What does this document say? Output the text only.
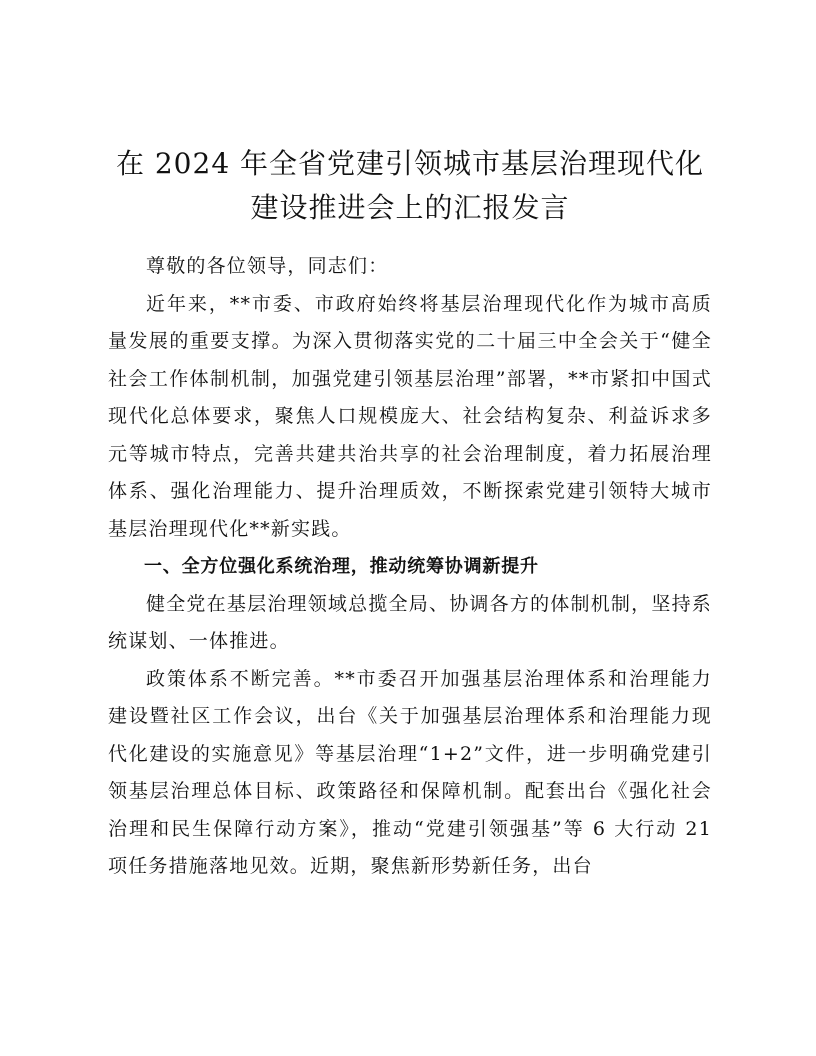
在 2024 年全省党建引领城市基层治理现代化
建设推进会上的汇报发言

尊敬的各位领导，同志们：

近年来，**市委、市政府始终将基层治理现代化作为城市高质量发展的重要支撑。为深入贯彻落实党的二十届三中全会关于“健全社会工作体制机制，加强党建引领基层治理”部署，**市紧扣中国式现代化总体要求，聚焦人口规模庞大、社会结构复杂、利益诉求多元等城市特点，完善共建共治共享的社会治理制度，着力拓展治理体系、强化治理能力、提升治理质效，不断探索党建引领特大城市基层治理现代化**新实践。

一、全方位强化系统治理，推动统筹协调新提升

健全党在基层治理领域总揽全局、协调各方的体制机制，坚持系统谋划、一体推进。

政策体系不断完善。**市委召开加强基层治理体系和治理能力建设暨社区工作会议，出台《关于加强基层治理体系和治理能力现代化建设的实施意见》等基层治理“1+2”文件，进一步明确党建引领基层治理总体目标、政策路径和保障机制。配套出台《强化社会治理和民生保障行动方案》，推动“党建引领强基”等 6 大行动 21 项任务措施落地见效。近期，聚焦新形势新任务，出台
